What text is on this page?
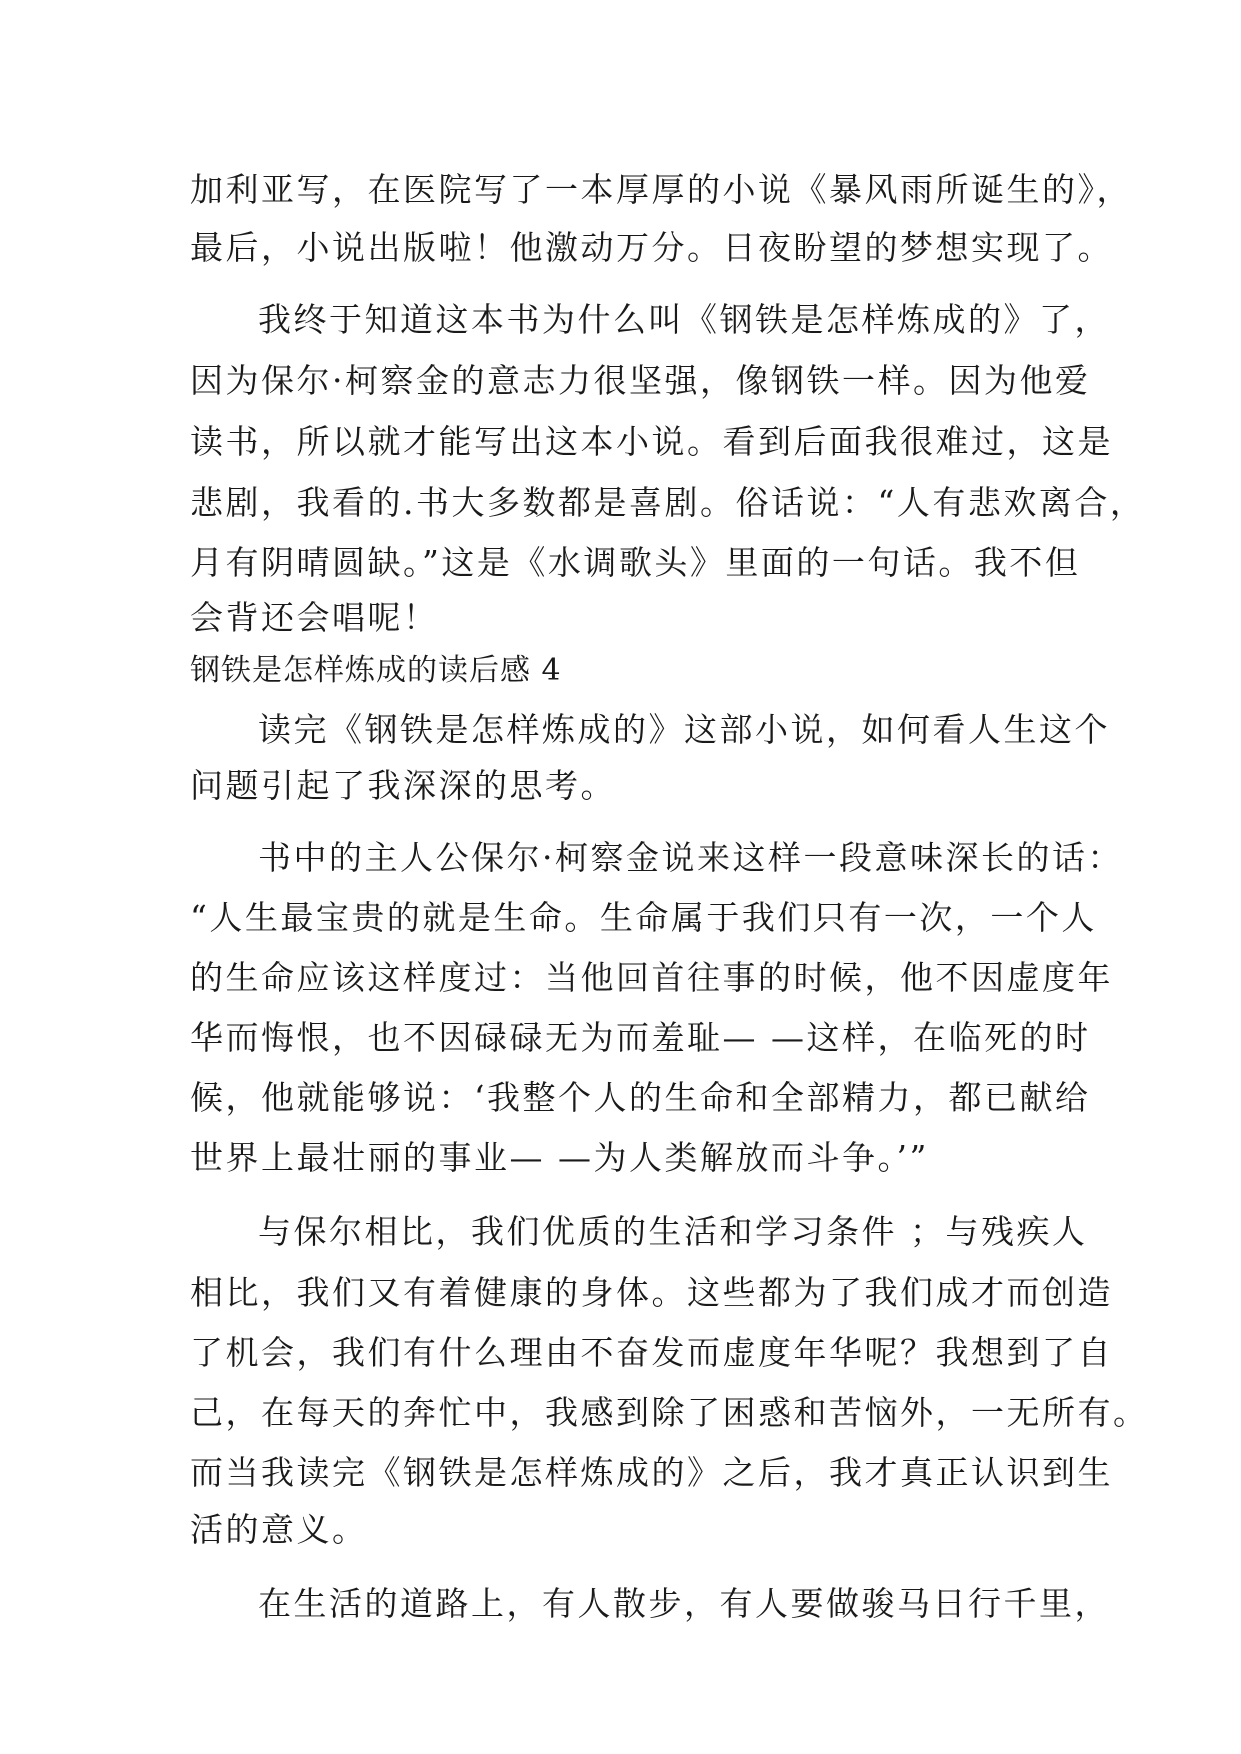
加利亚写，在医院写了一本厚厚的小说《暴风雨所诞生的》，
最后，小说出版啦！他激动万分。日夜盼望的梦想实现了。
我终于知道这本书为什么叫《钢铁是怎样炼成的》了，
因为保尔·柯察金的意志力很坚强，像钢铁一样。因为他爱
读书，所以就才能写出这本小说。看到后面我很难过，这是
悲剧，我看的.书大多数都是喜剧。俗话说：“人有悲欢离合，
月有阴晴圆缺。”这是《水调歌头》里面的一句话。我不但
会背还会唱呢！
钢铁是怎样炼成的读后感 4
读完《钢铁是怎样炼成的》这部小说，如何看人生这个
问题引起了我深深的思考。
书中的主人公保尔·柯察金说来这样一段意味深长的话：
“人生最宝贵的就是生命。生命属于我们只有一次，一个人
的生命应该这样度过：当他回首往事的时候，他不因虚度年
华而悔恨，也不因碌碌无为而羞耻— —这样，在临死的时
候，他就能够说：‘我整个人的生命和全部精力，都已献给
世界上最壮丽的事业— —为人类解放而斗争。’”
与保尔相比，我们优质的生活和学习条件 ；与残疾人
相比，我们又有着健康的身体。这些都为了我们成才而创造
了机会，我们有什么理由不奋发而虚度年华呢？我想到了自
己，在每天的奔忙中，我感到除了困惑和苦恼外，一无所有。
而当我读完《钢铁是怎样炼成的》之后，我才真正认识到生
活的意义。
在生活的道路上，有人散步，有人要做骏马日行千里，
